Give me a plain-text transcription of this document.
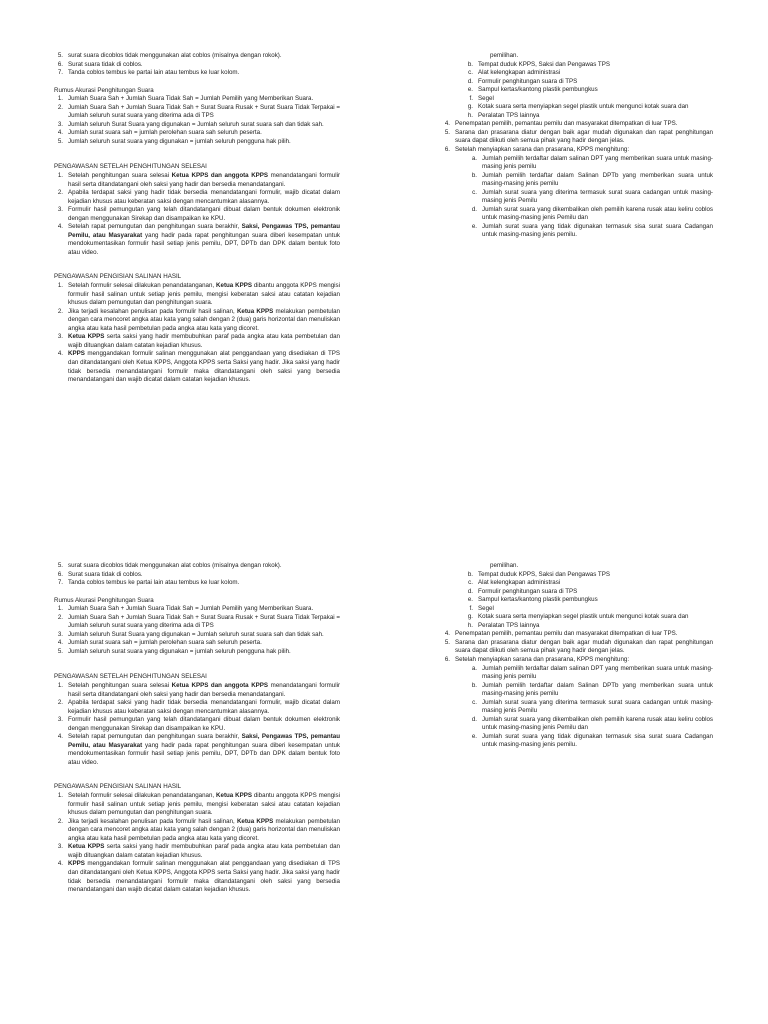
5. surat suara dicoblos tidak menggunakan alat coblos (misalnya dengan rokok).
6. Surat suara tidak di coblos.
7. Tanda coblos tembus ke partai lain atau tembus ke luar kolom.
Rumus Akurasi Penghitungan Suara
1. Jumlah Suara Sah + Jumlah Suara Tidak Sah = Jumlah Pemilih yang Memberikan Suara.
2. Jumlah Suara Sah + Jumlah Suara Tidak Sah + Surat Suara Rusak + Surat Suara Tidak Terpakai = Jumlah seluruh surat suara yang diterima ada di TPS
3. Jumlah seluruh Surat Suara yang digunakan = Jumlah seluruh surat suara sah dan tidak sah.
4. Jumlah surat suara sah = jumlah perolehan suara sah seluruh peserta.
5. Jumlah seluruh surat suara yang digunakan = jumlah seluruh pengguna hak pilih.
PENGAWASAN SETELAH PENGHITUNGAN SELESAI
1. Setelah penghitungan suara selesai Ketua KPPS dan anggota KPPS menandatangani formulir hasil serta ditandatangani oleh saksi yang hadir dan bersedia menandatangani.
2. Apabila terdapat saksi yang hadir tidak bersedia menandatangani formulir, wajib dicatat dalam kejadian khusus atau keberatan saksi dengan mencantumkan alasannya.
3. Formulir hasil pemungutan yang telah ditandatangani dibuat dalam bentuk dokumen elektronik dengan menggunakan Sirekap dan disampaikan ke KPU.
4. Setelah rapat pemungutan dan penghitungan suara berakhir, Saksi, Pengawas TPS, pemantau Pemilu, atau Masyarakat yang hadir pada rapat penghitungan suara diberi kesempatan untuk mendokumentasikan formulir hasil setiap jenis pemilu, DPT, DPTb dan DPK dalam bentuk foto atau video.
PENGAWASAN PENGISIAN SALINAN HASIL
1. Setelah formulir selesai dilakukan penandatanganan, Ketua KPPS dibantu anggota KPPS mengisi formulir hasil salinan untuk setiap jenis pemilu, mengisi keberatan saksi atau catatan kejadian khusus dalam pemungutan dan penghitungan suara.
2. Jika terjadi kesalahan penulisan pada formulir hasil salinan, Ketua KPPS melakukan pembetulan dengan cara mencoret angka atau kata yang salah dengan 2 (dua) garis horizontal dan menuliskan angka atau kata hasil pembetulan pada angka atau kata yang dicoret.
3. Ketua KPPS serta saksi yang hadir membubuhkan paraf pada angka atau kata pembetulan dan wajib dituangkan dalam catatan kejadian khusus.
4. KPPS menggandakan formulir salinan menggunakan alat penggandaan yang disediakan di TPS dan ditandatangani oleh Ketua KPPS, Anggota KPPS serta Saksi yang hadir. Jika saksi yang hadir tidak bersedia menandatangani formulir maka ditandatangani oleh saksi yang bersedia menandatangani dan wajib dicatat dalam catatan kejadian khusus.
pemilihan.
b. Tempat duduk KPPS, Saksi dan Pengawas TPS
c. Alat kelengkapan administrasi
d. Formulir penghitungan suara di TPS
e. Sampul kertas/kantong plastik pembungkus
f. Segel
g. Kotak suara serta menyiapkan segel plastik untuk mengunci kotak suara dan
h. Peralatan TPS lainnya
4. Penempatan pemilih, pemantau pemilu dan masyarakat ditempatkan di luar TPS.
5. Sarana dan prasarana diatur dengan baik agar mudah digunakan dan rapat penghitungan suara dapat diikuti oleh semua pihak yang hadir dengan jelas.
6. Setelah menyiapkan sarana dan prasarana, KPPS menghitung:
a. Jumlah pemilih terdaftar dalam salinan DPT yang memberikan suara untuk masing-masing jenis pemilu
b. Jumlah pemilih terdaftar dalam Salinan DPTb yang memberikan suara untuk masing-masing jenis pemilu
c. Jumlah surat suara yang diterima termasuk surat suara cadangan untuk masing-masing jenis Pemilu
d. Jumlah surat suara yang dikembalikan oleh pemilih karena rusak atau keliru coblos untuk masing-masing jenis Pemilu dan
e. Jumlah surat suara yang tidak digunakan termasuk sisa surat suara Cadangan untuk masing-masing jenis pemilu.
5. surat suara dicoblos tidak menggunakan alat coblos (misalnya dengan rokok).
6. Surat suara tidak di coblos.
7. Tanda coblos tembus ke partai lain atau tembus ke luar kolom.
Rumus Akurasi Penghitungan Suara
1. Jumlah Suara Sah + Jumlah Suara Tidak Sah = Jumlah Pemilih yang Memberikan Suara.
2. Jumlah Suara Sah + Jumlah Suara Tidak Sah + Surat Suara Rusak + Surat Suara Tidak Terpakai = Jumlah seluruh surat suara yang diterima ada di TPS
3. Jumlah seluruh Surat Suara yang digunakan = Jumlah seluruh surat suara sah dan tidak sah.
4. Jumlah surat suara sah = jumlah perolehan suara sah seluruh peserta.
5. Jumlah seluruh surat suara yang digunakan = jumlah seluruh pengguna hak pilih.
PENGAWASAN SETELAH PENGHITUNGAN SELESAI
1. Setelah penghitungan suara selesai Ketua KPPS dan anggota KPPS menandatangani formulir hasil serta ditandatangani oleh saksi yang hadir dan bersedia menandatangani.
2. Apabila terdapat saksi yang hadir tidak bersedia menandatangani formulir, wajib dicatat dalam kejadian khusus atau keberatan saksi dengan mencantumkan alasannya.
3. Formulir hasil pemungutan yang telah ditandatangani dibuat dalam bentuk dokumen elektronik dengan menggunakan Sirekap dan disampaikan ke KPU.
4. Setelah rapat pemungutan dan penghitungan suara berakhir, Saksi, Pengawas TPS, pemantau Pemilu, atau Masyarakat yang hadir pada rapat penghitungan suara diberi kesempatan untuk mendokumentasikan formulir hasil setiap jenis pemilu, DPT, DPTb dan DPK dalam bentuk foto atau video.
PENGAWASAN PENGISIAN SALINAN HASIL
1. Setelah formulir selesai dilakukan penandatanganan, Ketua KPPS dibantu anggota KPPS mengisi formulir hasil salinan untuk setiap jenis pemilu, mengisi keberatan saksi atau catatan kejadian khusus dalam pemungutan dan penghitungan suara.
2. Jika terjadi kesalahan penulisan pada formulir hasil salinan, Ketua KPPS melakukan pembetulan dengan cara mencoret angka atau kata yang salah dengan 2 (dua) garis horizontal dan menuliskan angka atau kata hasil pembetulan pada angka atau kata yang dicoret.
3. Ketua KPPS serta saksi yang hadir membubuhkan paraf pada angka atau kata pembetulan dan wajib dituangkan dalam catatan kejadian khusus.
4. KPPS menggandakan formulir salinan menggunakan alat penggandaan yang disediakan di TPS dan ditandatangani oleh Ketua KPPS, Anggota KPPS serta Saksi yang hadir. Jika saksi yang hadir tidak bersedia menandatangani formulir maka ditandatangani oleh saksi yang bersedia menandatangani dan wajib dicatat dalam catatan kejadian khusus.
pemilihan.
b. Tempat duduk KPPS, Saksi dan Pengawas TPS
c. Alat kelengkapan administrasi
d. Formulir penghitungan suara di TPS
e. Sampul kertas/kantong plastik pembungkus
f. Segel
g. Kotak suara serta menyiapkan segel plastik untuk mengunci kotak suara dan
h. Peralatan TPS lainnya
4. Penempatan pemilih, pemantau pemilu dan masyarakat ditempatkan di luar TPS.
5. Sarana dan prasarana diatur dengan baik agar mudah digunakan dan rapat penghitungan suara dapat diikuti oleh semua pihak yang hadir dengan jelas.
6. Setelah menyiapkan sarana dan prasarana, KPPS menghitung:
a. Jumlah pemilih terdaftar dalam salinan DPT yang memberikan suara untuk masing-masing jenis pemilu
b. Jumlah pemilih terdaftar dalam Salinan DPTb yang memberikan suara untuk masing-masing jenis pemilu
c. Jumlah surat suara yang diterima termasuk surat suara cadangan untuk masing-masing jenis Pemilu
d. Jumlah surat suara yang dikembalikan oleh pemilih karena rusak atau keliru coblos untuk masing-masing jenis Pemilu dan
e. Jumlah surat suara yang tidak digunakan termasuk sisa surat suara Cadangan untuk masing-masing jenis pemilu.
